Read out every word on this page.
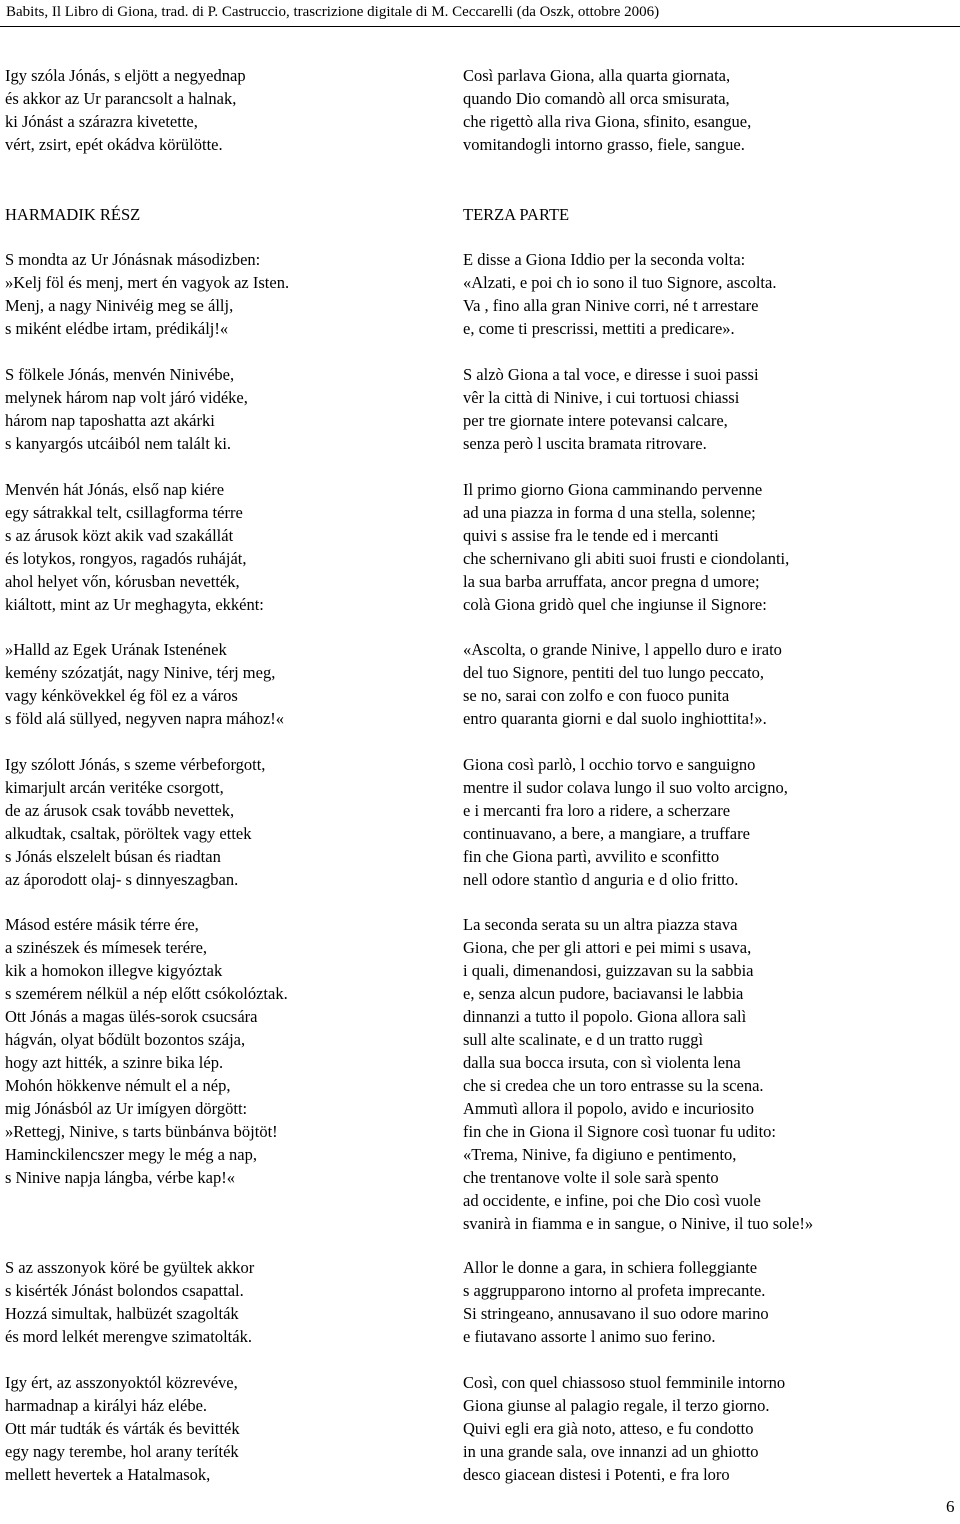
Babits, Il Libro di Giona, trad. di P. Castruccio, trascrizione digitale di M. Ceccarelli (da Oszk, ottobre 2006)
Igy szóla Jónás, s eljött a negyednap
és akkor az Ur parancsolt a halnak,
ki Jónást a szárazra kivetette,
vért, zsirt, epét okádva körülötte.
HARMADIK RÉSZ
S mondta az Ur Jónásnak másodizben:
»Kelj föl és menj, mert én vagyok az Isten.
Menj, a nagy Ninivéig meg se állj,
s miként elédbe irtam, prédikálj!«
S fölkele Jónás, menvén Ninivébe,
melynek három nap volt járó vidéke,
három nap taposhatta azt akárki
s kanyargós utcáiból nem talált ki.
Menvén hát Jónás, első nap kiére
egy sátrakkal telt, csillagforma térre
s az árusok közt akik vad szakállát
és lotykos, rongyos, ragadós ruháját,
ahol helyet vőn, kórusban nevették,
kiáltott, mint az Ur meghagyta, ekként:
»Halld az Egek Urának Istenének
kemény szózatját, nagy Ninive, térj meg,
vagy kénkövekkel ég föl ez a város
s föld alá süllyed, negyven napra mához!«
Igy szólott Jónás, s szeme vérbeforgott,
kimarjult arcán veritéke csorgott,
de az árusok csak tovább nevettek,
alkudtak, csaltak, pöröltek vagy ettek
s Jónás elszelelt búsan és riadtan
az áporodott olaj- s dinnyeszagban.
Másod estére másik térre ére,
a szinészek és mímesek terére,
kik a homokon illegve kigyóztak
s szemérem nélkül a nép előtt csókolóztak.
Ott Jónás a magas ülés-sorok csucsára
hágván, olyat bődült bozontos szája,
hogy azt hitték, a szinre bika lép.
Mohón hökkenve némult el a nép,
mig Jónásból az Ur imígyen dörgött:
»Rettegj, Ninive, s tarts bünbánva böjtöt!
Haminckilencszer megy le még a nap,
s Ninive napja lángba, vérbe kap!«
S az asszonyok köré be gyültek akkor
s kisérték Jónást bolondos csapattal.
Hozzá simultak, halbüzét szagolták
és mord lelkét merengve szimatolták.
Igy ért, az asszonyoktól közrevéve,
harmadnap a királyi ház elébe.
Ott már tudták és várták és bevitték
egy nagy terembe, hol arany teríték
mellett hevertek a Hatalmasok,
Così parlava Giona, alla quarta giornata,
quando Dio comandò all orca smisurata,
che rigettò alla riva Giona, sfinito, esangue,
vomitandogli intorno grasso, fiele, sangue.
TERZA PARTE
E disse a Giona Iddio per la seconda volta:
«Alzati, e poi ch io sono il tuo Signore, ascolta.
Va , fino alla gran Ninive corri, né t arrestare
e, come ti prescrissi, mettiti a predicare».
S alzò Giona a tal voce, e diresse i suoi passi
vêr la città di Ninive, i cui tortuosi chiassi
per tre giornate intere potevansi calcare,
senza però l uscita bramata ritrovare.
Il primo giorno Giona camminando pervenne
ad una piazza in forma d una stella, solenne;
quivi s assise fra le tende ed i mercanti
che schernivano gli abiti suoi frusti e ciondolanti,
la sua barba arruffata, ancor pregna d umore;
colà Giona gridò quel che ingiunse il Signore:
«Ascolta, o grande Ninive, l appello duro e irato
del tuo Signore, pentiti del tuo lungo peccato,
se no, sarai con zolfo e con fuoco punita
entro quaranta giorni e dal suolo inghiottita!».
Giona così parlò, l occhio torvo e sanguigno
mentre il sudor colava lungo il suo volto arcigno,
e i mercanti fra loro a ridere, a scherzare
continuavano, a bere, a mangiare, a truffare
fin che Giona partì, avvilito e sconfitto
nell odore stantìo d anguria e d olio fritto.
La seconda serata su un altra piazza stava
Giona, che per gli attori e pei mimi s usava,
i quali, dimenandosi, guizzavan su la sabbia
e, senza alcun pudore, baciavansi le labbia
dinnanzi a tutto il popolo. Giona allora salì
sull alte scalinate, e d un tratto ruggì
dalla sua bocca irsuta, con sì violenta lena
che si credea che un toro entrasse su la scena.
Ammutì allora il popolo, avido e incuriosito
fin che in Giona il Signore così tuonar fu udito:
«Trema, Ninive, fa digiuno e pentimento,
che trentanove volte il sole sarà spento
ad occidente, e infine, poi che Dio così vuole
svanirà in fiamma e in sangue, o Ninive, il tuo sole!»
Allor le donne a gara, in schiera folleggiante
s aggrupparono intorno al profeta imprecante.
Si stringeano, annusavano il suo odore marino
e fiutavano assorte l animo suo ferino.
Così, con quel chiassoso stuol femminile intorno
Giona giunse al palagio regale, il terzo giorno.
Quivi egli era già noto, atteso, e fu condotto
in una grande sala, ove innanzi ad un ghiotto
desco giacean distesi i Potenti, e fra loro
6
